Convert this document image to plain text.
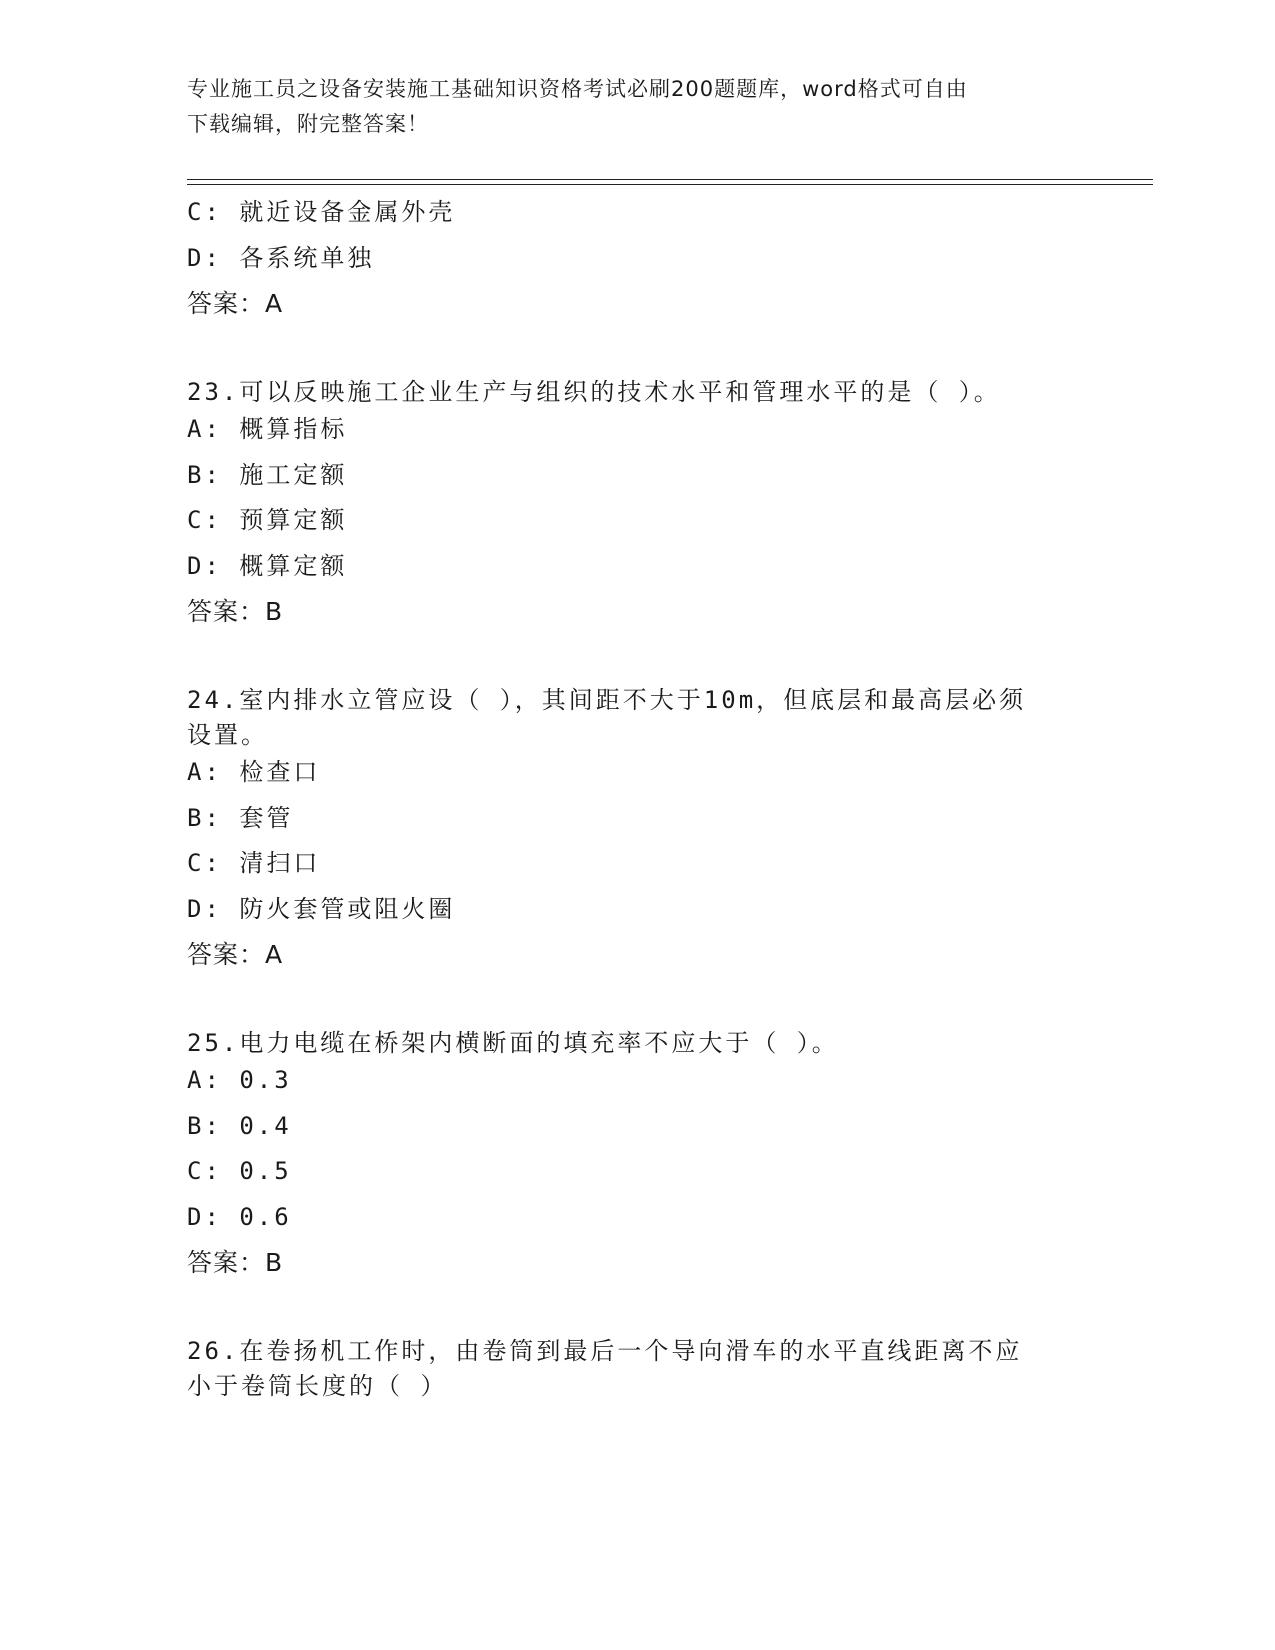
专业施工员之设备安装施工基础知识资格考试必刷200题题库，word格式可自由
下载编辑，附完整答案！
C: 就近设备金属外壳
D: 各系统单独
答案：A
23.可以反映施工企业生产与组织的技术水平和管理水平的是（ ）。
A: 概算指标
B: 施工定额
C: 预算定额
D: 概算定额
答案：B
24.室内排水立管应设（ ），其间距不大于10m，但底层和最高层必须
设置。
A: 检查口
B: 套管
C: 清扫口
D: 防火套管或阻火圈
答案：A
25.电力电缆在桥架内横断面的填充率不应大于（ ）。
A: 0.3
B: 0.4
C: 0.5
D: 0.6
答案：B
26.在卷扬机工作时，由卷筒到最后一个导向滑车的水平直线距离不应
小于卷筒长度的（ ）
